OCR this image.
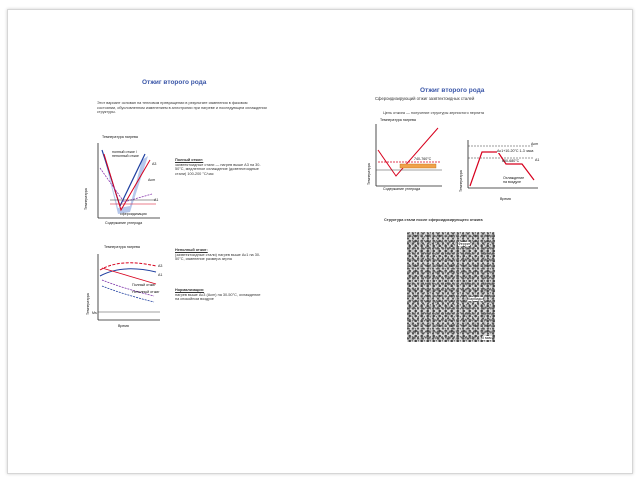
Отжиг второго рода
Этот вариант основан на тепловом превращении в результате изменения в фазовом состоянии, обусловленном изменением в аллотропии при нагреве и последующем охлаждении структуры.
Температура нагрева
полный отжиг / неполный отжиг
A3
Acm
A1
сфероидизация
Температура
Содержание углерода
Полный отжиг:
заэвтектоидные стали — нагрев выше A3 на 30-50°C, медленное охлаждение (доэвтектоидные стали) 100-200 °С/час
Температура нагрева
A3
A1
Полный отжиг
Неполный отжиг
Ms
Температура
Время
Неполный отжиг:
(заэвтектоидные стали) нагрев выше Ac1 на 30-50°C, изменение размера зерна
Нормализация:
нагрев выше Ac3 (Acm) на 30-50°C, охлаждение на спокойном воздухе
Отжиг второго рода
Сфероидизирующий отжиг заэвтектоидных сталей
Цель отжига — получение структуры зернистого перлита
Температура нагрева
740-760°C
Содержание углерода
Температура
Acm
A1
Ac1+10-20°C 1-3 часа
650-680°C
Охлаждение на воздухе
Время
Температура
Структура стали после сфероидизирующего отжига
Феррит
Карбиды
5 мкм
